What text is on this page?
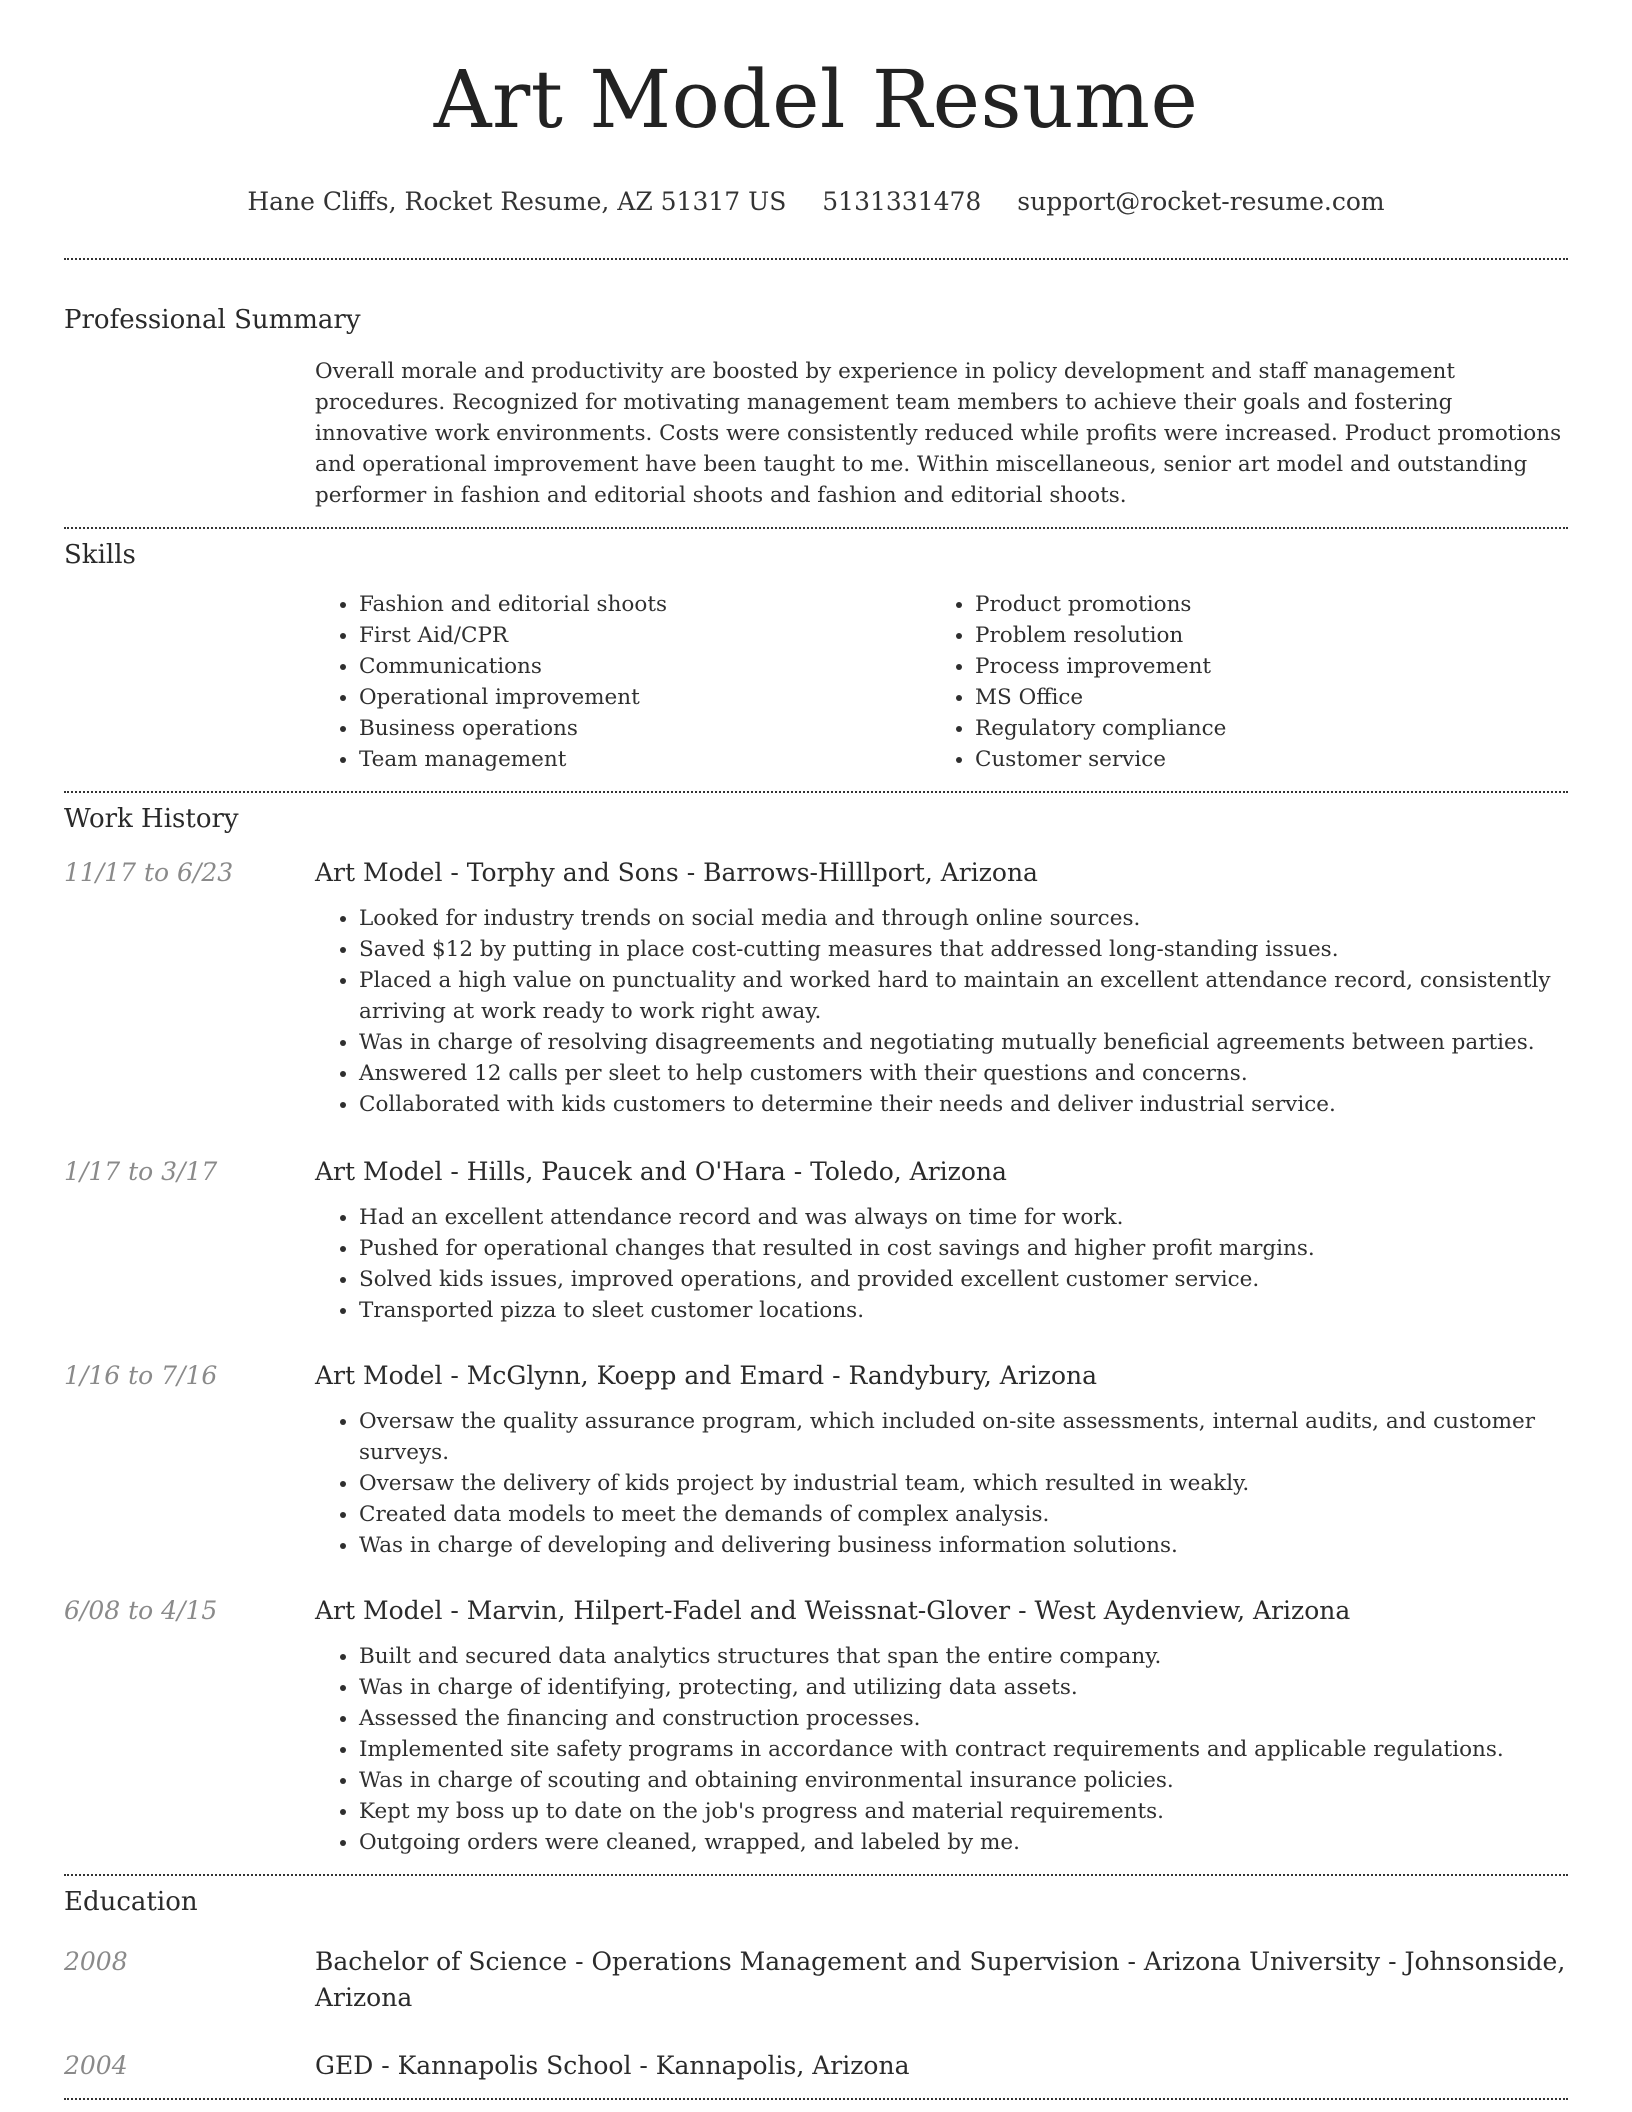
Art Model Resume
Hane Cliffs, Rocket Resume, AZ 51317 US 5131331478 support@rocket-resume.com
Professional Summary
Overall morale and productivity are boosted by experience in policy development and staff management procedures. Recognized for motivating management team members to achieve their goals and fostering innovative work environments. Costs were consistently reduced while profits were increased. Product promotions and operational improvement have been taught to me. Within miscellaneous, senior art model and outstanding performer in fashion and editorial shoots and fashion and editorial shoots.
Skills
• Fashion and editorial shoots
• First Aid/CPR
• Communications
• Operational improvement
• Business operations
• Team management
• Product promotions
• Problem resolution
• Process improvement
• MS Office
• Regulatory compliance
• Customer service
Work History
11/17 to 6/23	Art Model - Torphy and Sons - Barrows-Hilllport, Arizona
• Looked for industry trends on social media and through online sources.
• Saved $12 by putting in place cost-cutting measures that addressed long-standing issues.
• Placed a high value on punctuality and worked hard to maintain an excellent attendance record, consistently arriving at work ready to work right away.
• Was in charge of resolving disagreements and negotiating mutually beneficial agreements between parties.
• Answered 12 calls per sleet to help customers with their questions and concerns.
• Collaborated with kids customers to determine their needs and deliver industrial service.
1/17 to 3/17	Art Model - Hills, Paucek and O'Hara - Toledo, Arizona
• Had an excellent attendance record and was always on time for work.
• Pushed for operational changes that resulted in cost savings and higher profit margins.
• Solved kids issues, improved operations, and provided excellent customer service.
• Transported pizza to sleet customer locations.
1/16 to 7/16	Art Model - McGlynn, Koepp and Emard - Randybury, Arizona
• Oversaw the quality assurance program, which included on-site assessments, internal audits, and customer surveys.
• Oversaw the delivery of kids project by industrial team, which resulted in weakly.
• Created data models to meet the demands of complex analysis.
• Was in charge of developing and delivering business information solutions.
6/08 to 4/15	Art Model - Marvin, Hilpert-Fadel and Weissnat-Glover - West Aydenview, Arizona
• Built and secured data analytics structures that span the entire company.
• Was in charge of identifying, protecting, and utilizing data assets.
• Assessed the financing and construction processes.
• Implemented site safety programs in accordance with contract requirements and applicable regulations.
• Was in charge of scouting and obtaining environmental insurance policies.
• Kept my boss up to date on the job's progress and material requirements.
• Outgoing orders were cleaned, wrapped, and labeled by me.
Education
2008	Bachelor of Science - Operations Management and Supervision - Arizona University - Johnsonside, Arizona
2004	GED - Kannapolis School - Kannapolis, Arizona
